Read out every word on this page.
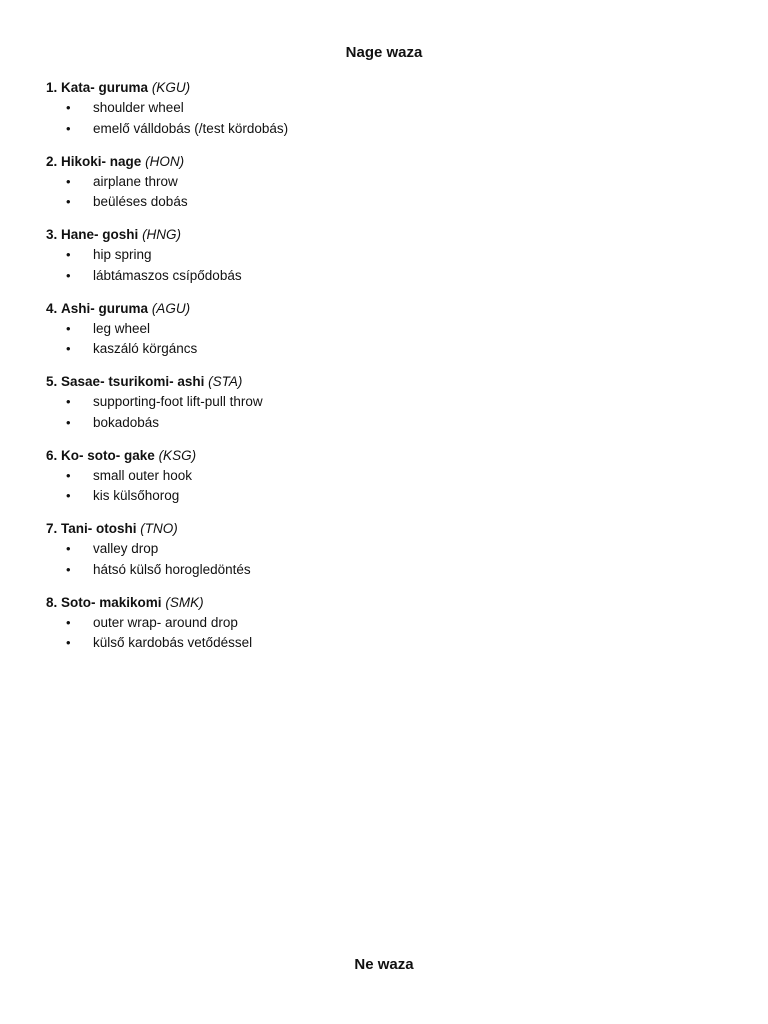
Nage waza
1. Kata- guruma (KGU)
• shoulder wheel
• emelő válldobás (/test kördobás)
2. Hikoki- nage (HON)
• airplane throw
• beüléses dobás
3. Hane- goshi (HNG)
• hip spring
• lábtámaszos csípődobás
4. Ashi- guruma (AGU)
• leg wheel
• kaszáló körgáncs
5. Sasae- tsurikomi- ashi (STA)
• supporting-foot lift-pull throw
• bokadobás
6. Ko- soto- gake (KSG)
• small outer hook
• kis külsőhorog
7. Tani- otoshi (TNO)
• valley drop
• hátsó külső horogledöntés
8. Soto- makikomi (SMK)
• outer wrap- around drop
• külső kardobás vetődéssel
Ne waza
